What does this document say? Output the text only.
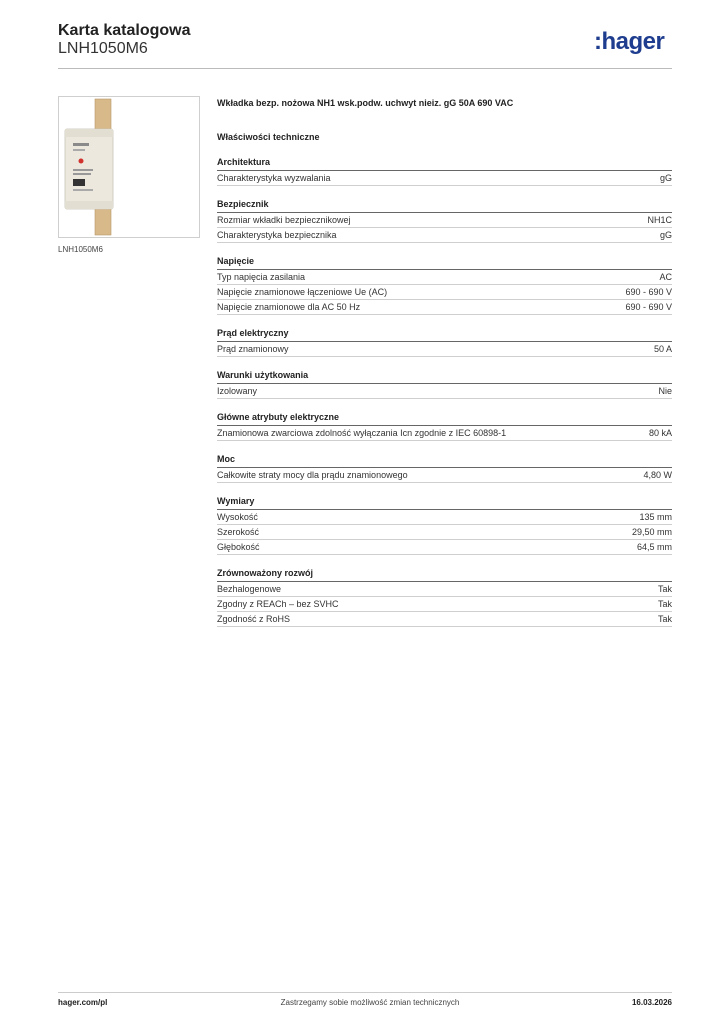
Karta katalogowa
LNH1050M6	:hager
LNH1050M6
Wkładka bezp. nożowa NH1 wsk.podw. uchwyt nieiz. gG 50A 690 VAC
Właściwości techniczne
Architektura
Charakterystyka wyzwalania	gG
Bezpiecznik
Rozmiar wkładki bezpiecznikowej	NH1C
Charakterystyka bezpiecznika	gG
Napięcie
Typ napięcia zasilania	AC
Napięcie znamionowe łączeniowe Ue (AC)	690 - 690 V
Napięcie znamionowe dla AC 50 Hz	690 - 690 V
Prąd elektryczny
Prąd znamionowy	50 A
Warunki użytkowania
Izolowany	Nie
Główne atrybuty elektryczne
Znamionowa zwarciowa zdolność wyłączania Icn zgodnie z IEC 60898-1	80 kA
Moc
Całkowite straty mocy dla prądu znamionowego	4,80 W
Wymiary
Wysokość	135 mm
Szerokość	29,50 mm
Głębokość	64,5 mm
Zrównoważony rozwój
Bezhalogenowe	Tak
Zgodny z REACh – bez SVHC	Tak
Zgodność z RoHS	Tak
hager.com/pl	Zastrzegamy sobie możliwość zmian technicznych	16.03.2026
